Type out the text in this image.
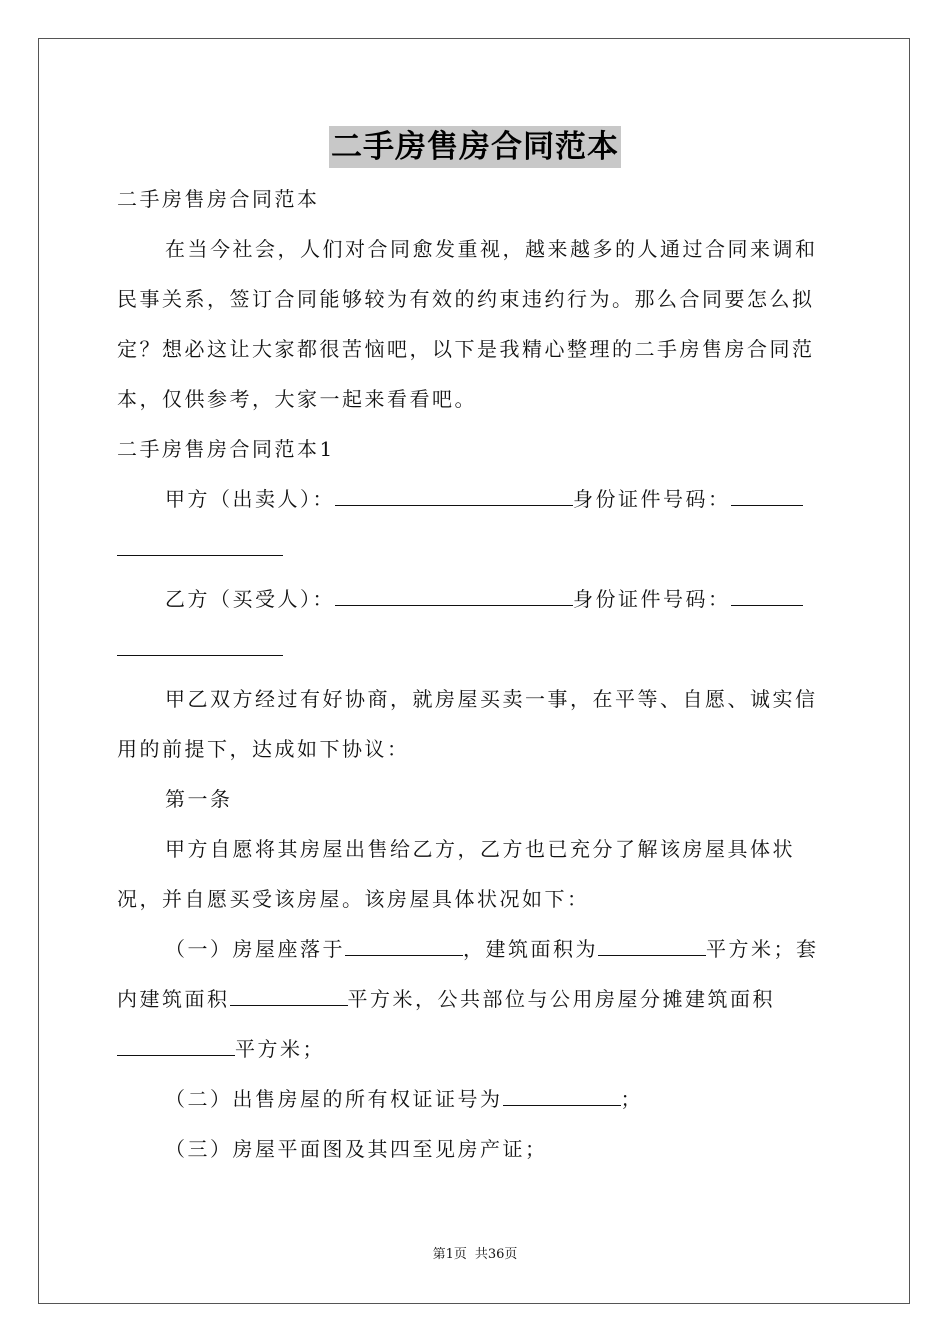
二手房售房合同范本

二手房售房合同范本

在当今社会，人们对合同愈发重视，越来越多的人通过合同来调和民事关系，签订合同能够较为有效的约束违约行为。那么合同要怎么拟定？想必这让大家都很苦恼吧，以下是我精心整理的二手房售房合同范本，仅供参考，大家一起来看看吧。

二手房售房合同范本1

甲方（出卖人）：	身份证件号码：

乙方（买受人）：	身份证件号码：

甲乙双方经过有好协商，就房屋买卖一事，在平等、自愿、诚实信用的前提下，达成如下协议：

第一条

甲方自愿将其房屋出售给乙方，乙方也已充分了解该房屋具体状况，并自愿买受该房屋。该房屋具体状况如下：

（一）房屋座落于	，建筑面积为	平方米；套内建筑面积	平方米，公共部位与公用房屋分摊建筑面积平方米；

（二）出售房屋的所有权证证号为	；

（三）房屋平面图及其四至见房产证；

第1页 共36页
